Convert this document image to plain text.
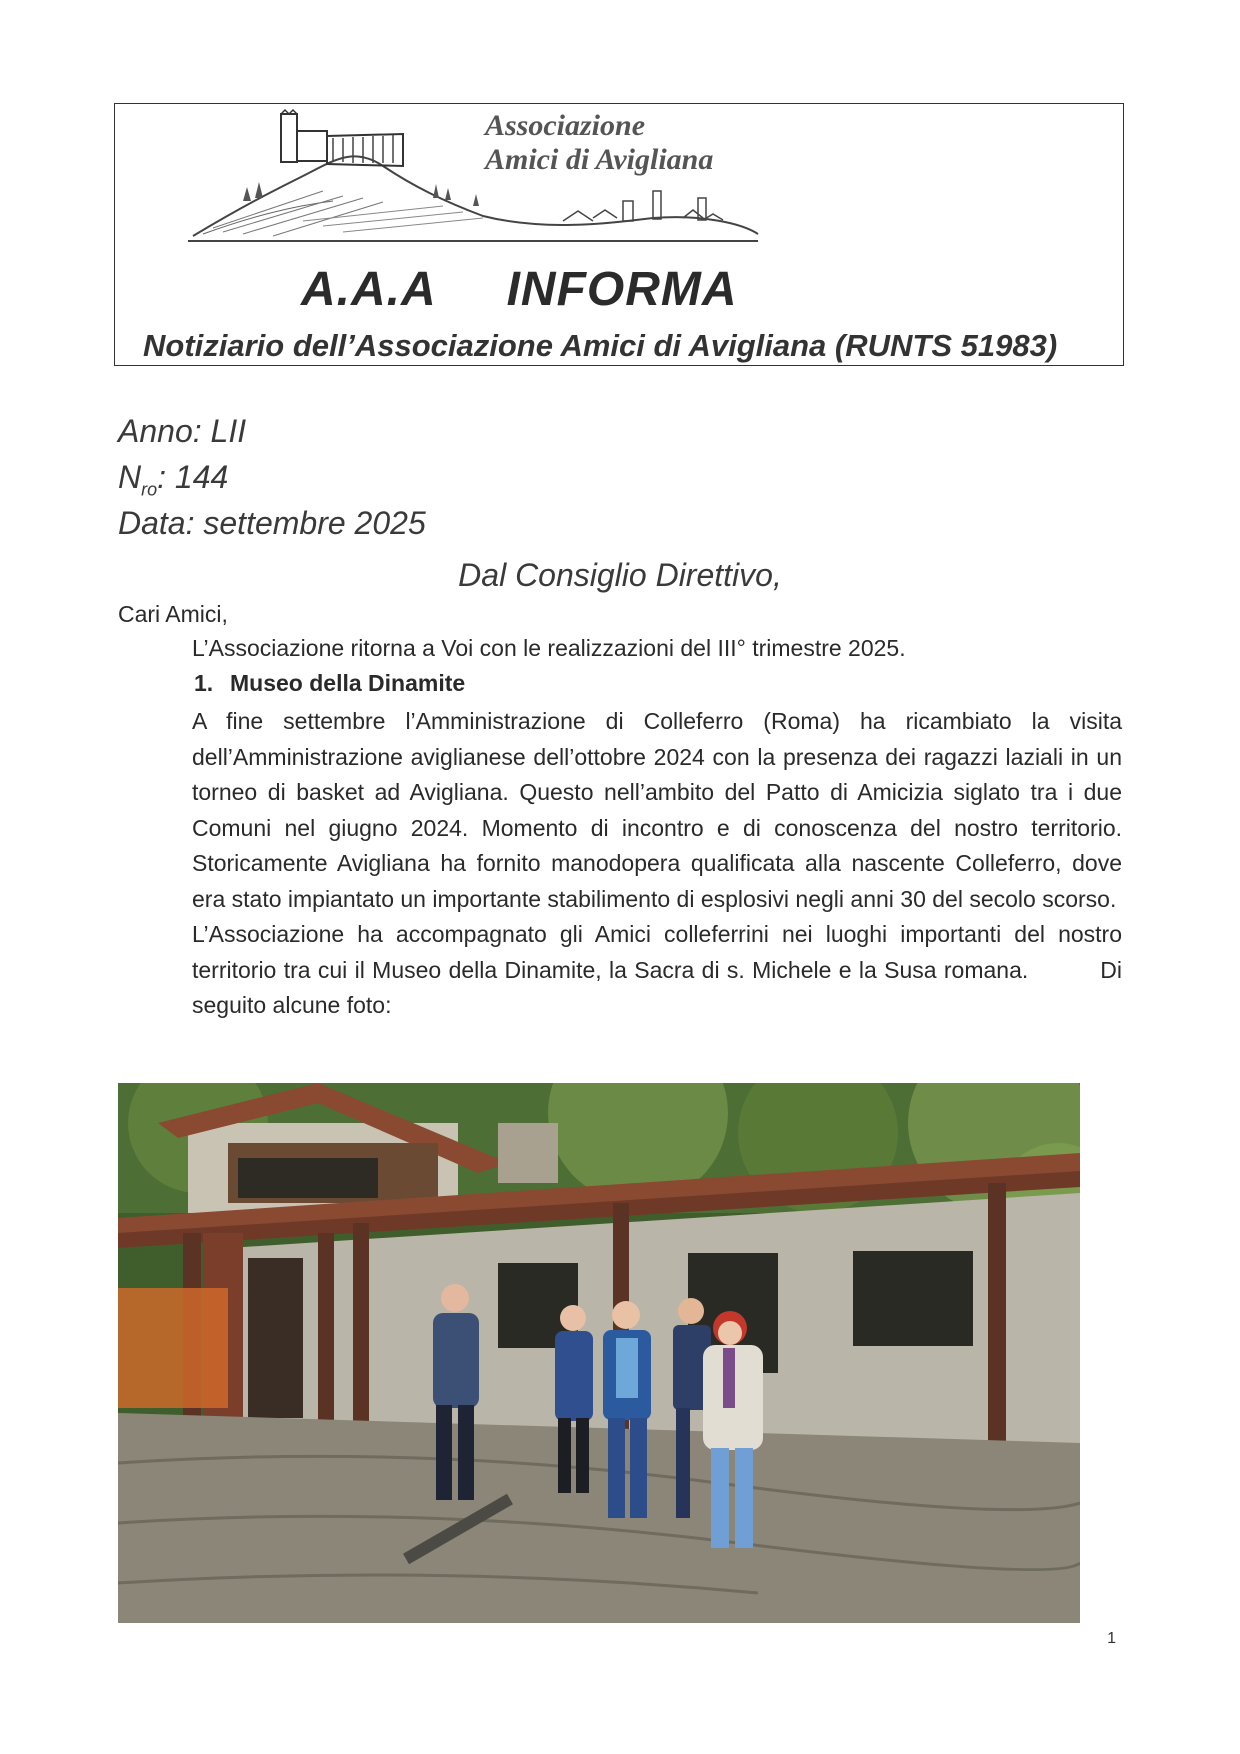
Associazione
Amici di Avigliana
A.A.A     INFORMA
Notiziario dell’Associazione Amici di Avigliana (RUNTS 51983)
Anno: LII
$N_{ro}$: 144
Data: settembre 2025
Dal Consiglio Direttivo,
Cari Amici,
L’Associazione ritorna a Voi con le realizzazioni del III° trimestre 2025.
1. Museo della Dinamite

A fine settembre l’Amministrazione di Colleferro (Roma) ha ricambiato la visita dell’Amministrazione aviglianese dell’ottobre 2024 con la presenza dei ragazzi laziali in un torneo di basket ad Avigliana. Questo nell’ambito del Patto di Amicizia siglato tra i due Comuni nel giugno 2024. Momento di incontro e di conoscenza del nostro territorio. Storicamente Avigliana ha fornito manodopera qualificata alla nascente Colleferro, dove era stato impiantato un importante stabilimento di esplosivi negli anni 30 del secolo scorso.

L’Associazione ha accompagnato gli Amici colleferrini nei luoghi importanti del nostro territorio tra cui il Museo della Dinamite, la Sacra di s. Michele e la Susa romana.	Di seguito alcune foto:

1
